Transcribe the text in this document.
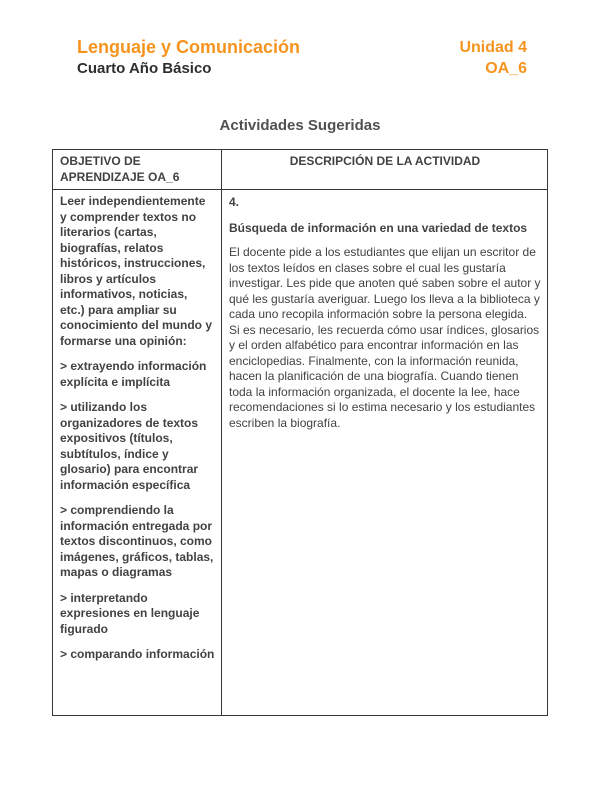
Lenguaje y Comunicación
Cuarto Año Básico
Unidad 4
OA_6
Actividades Sugeridas
OBJETIVO DE APRENDIZAJE OA_6
DESCRIPCIÓN DE LA ACTIVIDAD

Leer independientemente y comprender textos no literarios (cartas, biografías, relatos históricos, instrucciones, libros y artículos informativos, noticias, etc.) para ampliar su conocimiento del mundo y formarse una opinión:

> extrayendo información explícita e implícita

> utilizando los organizadores de textos expositivos (títulos, subtítulos, índice y glosario) para encontrar información específica

> comprendiendo la información entregada por textos discontinuos, como imágenes, gráficos, tablas, mapas o diagramas

> interpretando expresiones en lenguaje figurado

> comparando información

4.

Búsqueda de información en una variedad de textos

El docente pide a los estudiantes que elijan un escritor de los textos leídos en clases sobre el cual les gustaría investigar. Les pide que anoten qué saben sobre el autor y qué les gustaría averiguar. Luego los lleva a la biblioteca y cada uno recopila información sobre la persona elegida. Si es necesario, les recuerda cómo usar índices, glosarios y el orden alfabético para encontrar información en las enciclopedias. Finalmente, con la información reunida, hacen la planificación de una biografía. Cuando tienen toda la información organizada, el docente la lee, hace recomendaciones si lo estima necesario y los estudiantes escriben la biografía.
